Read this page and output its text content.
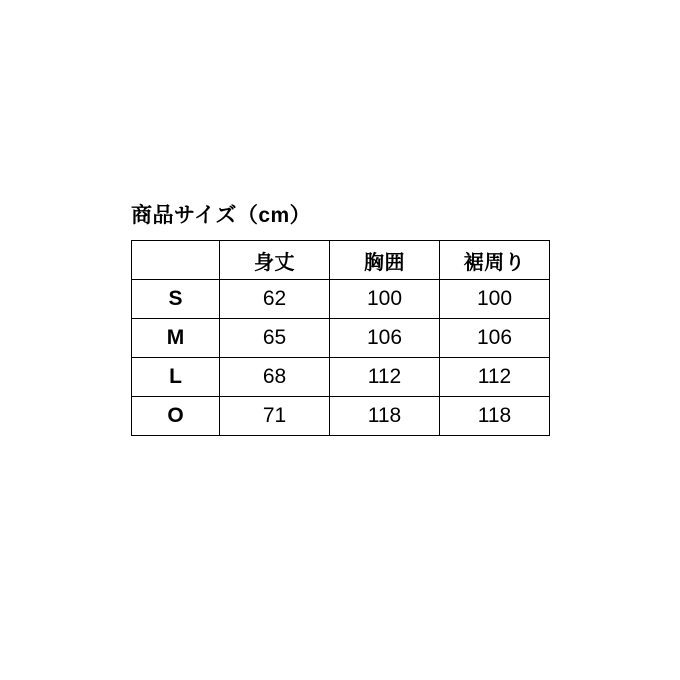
商品サイズ（cm）
	身丈	胸囲	裾周り
S	62	100	100
M	65	106	106
L	68	112	112
O	71	118	118
